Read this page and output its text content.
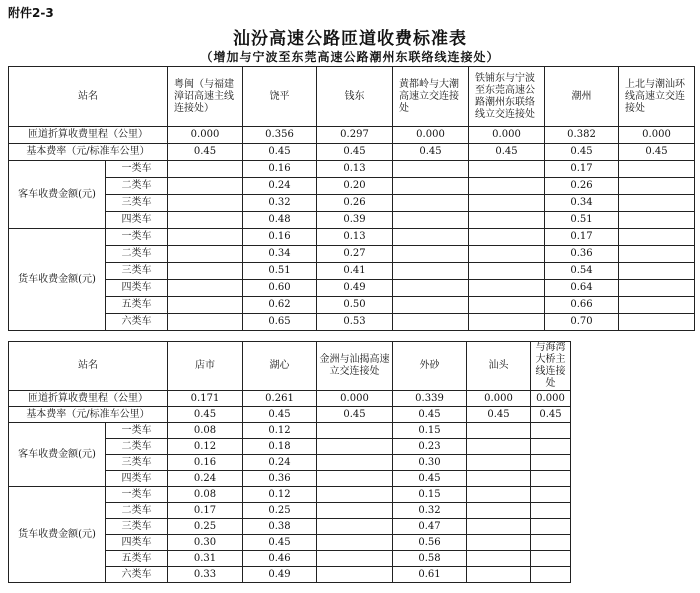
附件2-3
汕汾高速公路匝道收费标准表
（增加与宁波至东莞高速公路潮州东联络线连接处）
站名		粤闽（与福建漳诏高速主线连接处）	饶平	钱东	黄都岭与大潮高速立交连接处	铁铺东与宁波至东莞高速公路潮州东联络线立交连接处	潮州	上北与潮汕环线高速立交连接处
匝道折算收费里程（公里）		0.000	0.356	0.297	0.000	0.000	0.382	0.000
基本费率（元/标准车公里）		0.45	0.45	0.45	0.45	0.45	0.45	0.45
客车收费金额(元)	一类车		0.16	0.13			0.17	
	二类车		0.24	0.20			0.26	
	三类车		0.32	0.26			0.34	
	四类车		0.48	0.39			0.51	
货车收费金额(元)	一类车		0.16	0.13			0.17	
	二类车		0.34	0.27			0.36	
	三类车		0.51	0.41			0.54	
	四类车		0.60	0.49			0.64	
	五类车		0.62	0.50			0.66	
	六类车		0.65	0.53			0.70	
站名		店市	湖心	金洲与汕揭高速立交连接处	外砂	汕头	与海湾大桥主线连接处
匝道折算收费里程（公里）		0.171	0.261	0.000	0.339	0.000	0.000
基本费率（元/标准车公里）		0.45	0.45	0.45	0.45	0.45	0.45
客车收费金额(元)	一类车	0.08	0.12		0.15		
	二类车	0.12	0.18		0.23		
	三类车	0.16	0.24		0.30		
	四类车	0.24	0.36		0.45		
货车收费金额(元)	一类车	0.08	0.12		0.15		
	二类车	0.17	0.25		0.32		
	三类车	0.25	0.38		0.47		
	四类车	0.30	0.45		0.56		
	五类车	0.31	0.46		0.58		
	六类车	0.33	0.49		0.61		
